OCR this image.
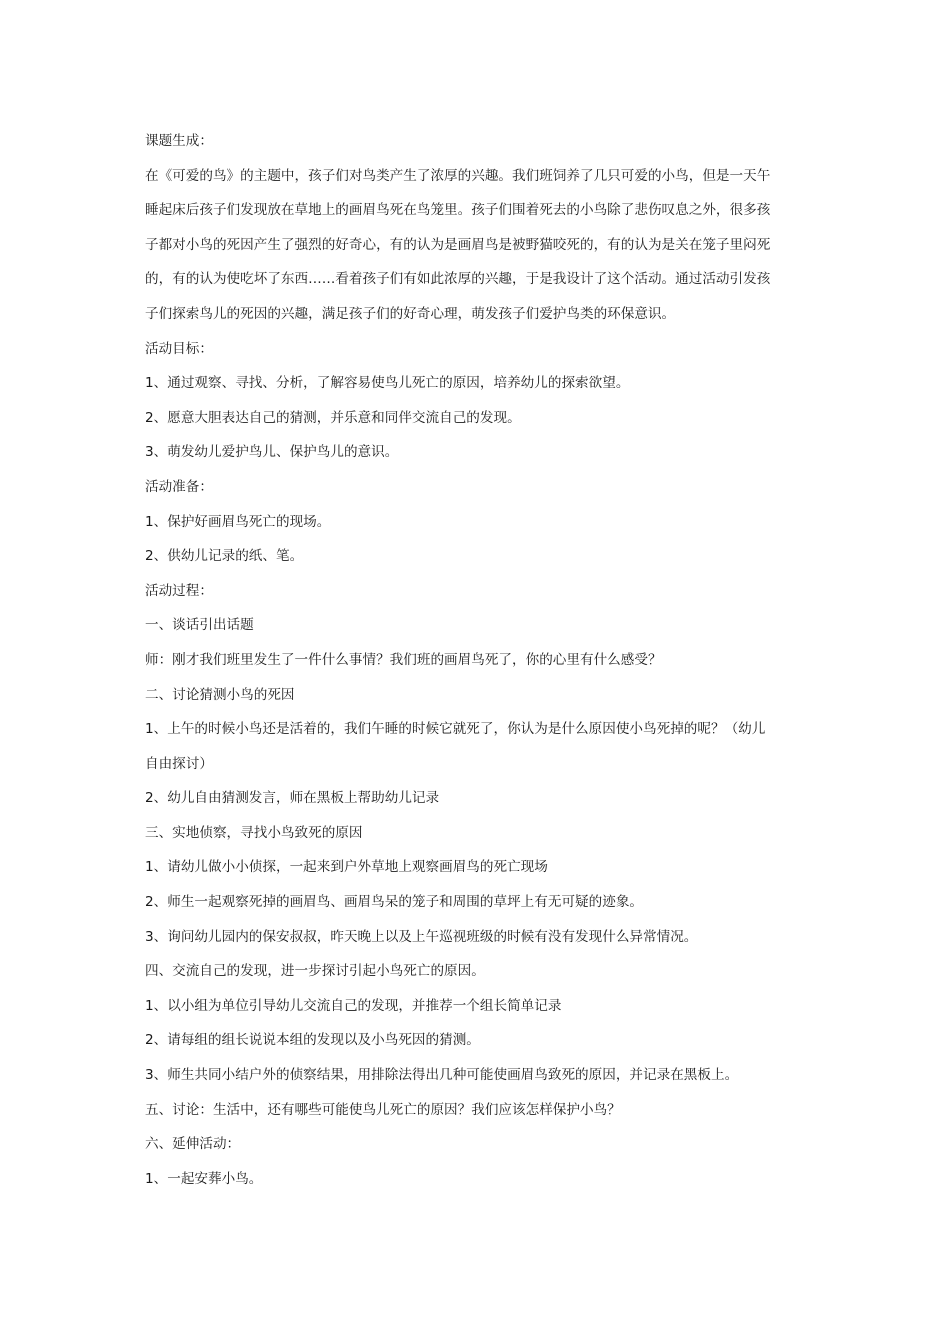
课题生成：
在《可爱的鸟》的主题中，孩子们对鸟类产生了浓厚的兴趣。我们班饲养了几只可爱的小鸟，但是一天午
睡起床后孩子们发现放在草地上的画眉鸟死在鸟笼里。孩子们围着死去的小鸟除了悲伤叹息之外，很多孩
子都对小鸟的死因产生了强烈的好奇心，有的认为是画眉鸟是被野猫咬死的，有的认为是关在笼子里闷死
的，有的认为使吃坏了东西……看着孩子们有如此浓厚的兴趣，于是我设计了这个活动。通过活动引发孩
子们探索鸟儿的死因的兴趣，满足孩子们的好奇心理，萌发孩子们爱护鸟类的环保意识。
活动目标：
1、通过观察、寻找、分析，了解容易使鸟儿死亡的原因，培养幼儿的探索欲望。
2、愿意大胆表达自己的猜测，并乐意和同伴交流自己的发现。
3、萌发幼儿爱护鸟儿、保护鸟儿的意识。
活动准备：
1、保护好画眉鸟死亡的现场。
2、供幼儿记录的纸、笔。
活动过程：
一、谈话引出话题
师：刚才我们班里发生了一件什么事情？我们班的画眉鸟死了，你的心里有什么感受？
二、讨论猜测小鸟的死因
1、上午的时候小鸟还是活着的，我们午睡的时候它就死了，你认为是什么原因使小鸟死掉的呢？（幼儿
自由探讨）
2、幼儿自由猜测发言，师在黑板上帮助幼儿记录
三、实地侦察，寻找小鸟致死的原因
1、请幼儿做小小侦探，一起来到户外草地上观察画眉鸟的死亡现场
2、师生一起观察死掉的画眉鸟、画眉鸟呆的笼子和周围的草坪上有无可疑的迹象。
3、询问幼儿园内的保安叔叔，昨天晚上以及上午巡视班级的时候有没有发现什么异常情况。
四、交流自己的发现，进一步探讨引起小鸟死亡的原因。
1、以小组为单位引导幼儿交流自己的发现，并推荐一个组长简单记录
2、请每组的组长说说本组的发现以及小鸟死因的猜测。
3、师生共同小结户外的侦察结果，用排除法得出几种可能使画眉鸟致死的原因，并记录在黑板上。
五、讨论：生活中，还有哪些可能使鸟儿死亡的原因？我们应该怎样保护小鸟？
六、延伸活动：
1、一起安葬小鸟。
